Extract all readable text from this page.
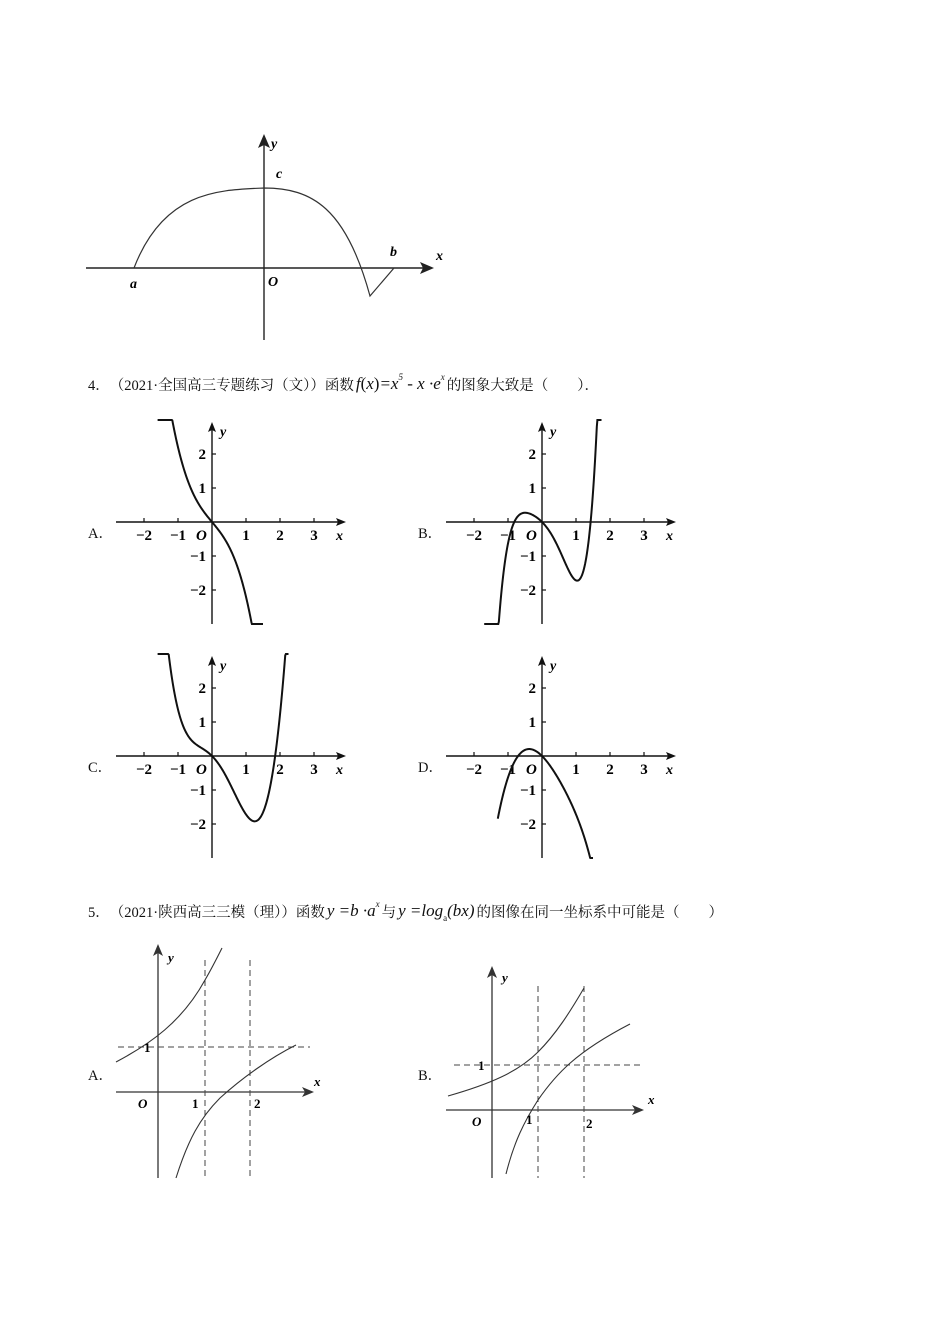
y
c
b	x
a	O
4． （2021·全国高三专题练习（文））函数 $f(x)=x^5 - x \cdot e^x$
的图象大致是（　　）．
A．	B．
C．	D．
−2 −1	1 2 3
2
1
−1
−2
O	x
y
−2 −1	1 2 3
2
1
−1
−2
O	x
y
−2 −1	1 2 3
2
1
−1
−2
O	x
y
−2 −1	1 2 3
2
1
−1
−2
O	x
y
5． （2021·陕西高三三模（理））函数 $y =b \cdot a^x$
与 $y =\log_a(bx)$ 的图像在同一坐标系中可能是（　　）
A．	B．
y
x
O
1
1	2
y
x
O
1
1	2
